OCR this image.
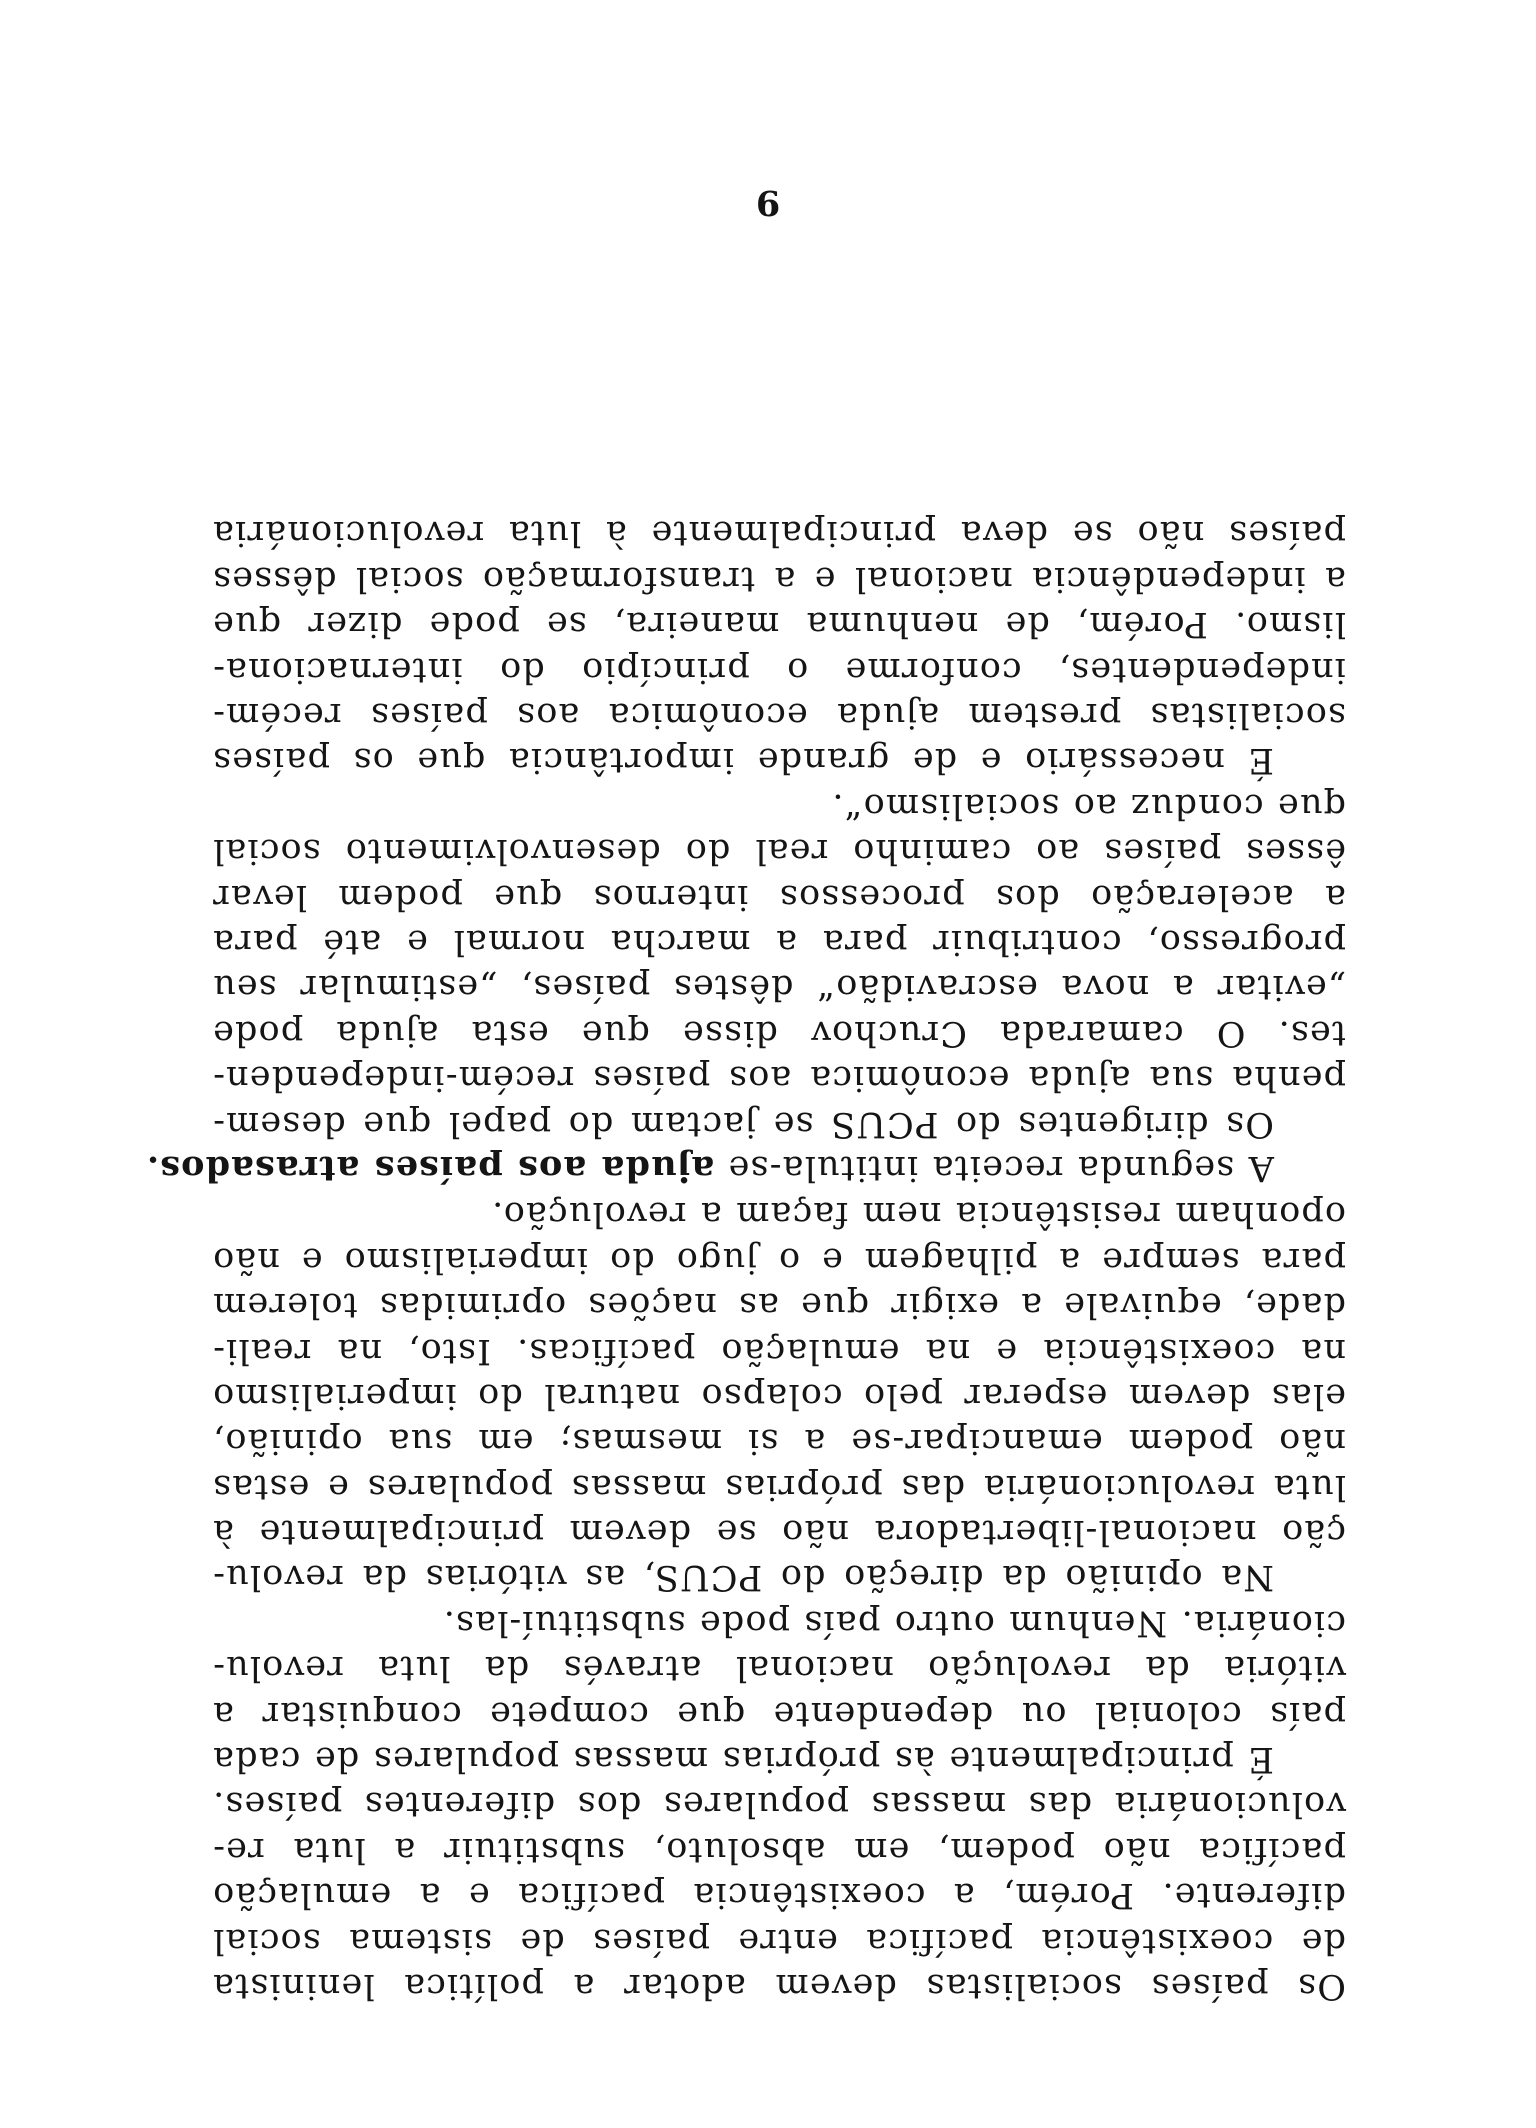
Os países socialistas devem adotar a política leninista
de coexistência pacífica entre países de sistema social
diferente. Porém, a coexistência pacífica e a emulação
pacífica não podem, em absoluto, substituir a luta re-
volucionária das massas populares dos diferentes países.
É principalmente às próprias massas populares de cada
país colonial ou dependente que compete conquistar a
vitória da revolução nacional através da luta revolu-
cionária. Nenhum outro país pode substituí-las.
Na opinião da direção do PCUS, as vitórias da revolu-
ção nacional-libertadora não se devem principalmente à
luta revolucionária das próprias massas populares e estas
não podem emancipar-se a si mesmas; em sua opinião,
elas devem esperar pelo colapso natural do imperialismo
na coexistência e na emulação pacíficas. Isto, na reali-
dade, equivale a exigir que as nações oprimidas tolerem
para sempre a pilhagem e o jugo do imperialismo e não
oponham resistência nem façam a revolução.
A segunda receita intitula-se ajuda aos países atrasados.
Os dirigentes do PCUS se jactam do papel que desem-
penha sua ajuda econômica aos países recém-independen-
tes. O camarada Cruchov disse que esta ajuda pode
„evitar a nova escravidão“ dêstes países, „estimular seu
progresso, contribuir para a marcha normal e até para
a aceleração dos processos internos que podem levar
êsses países ao caminho real do desenvolvimento social
que conduz ao socialismo“.
É necessário e de grande importância que os países
socialistas prestem ajuda econômica aos países recém-
independentes, conforme o princípio do internaciona-
lismo. Porém, de nenhuma maneira, se pode dizer que
a independência nacional e a transformação social dêsses
países não se deva principalmente à luta revolucionária
9
